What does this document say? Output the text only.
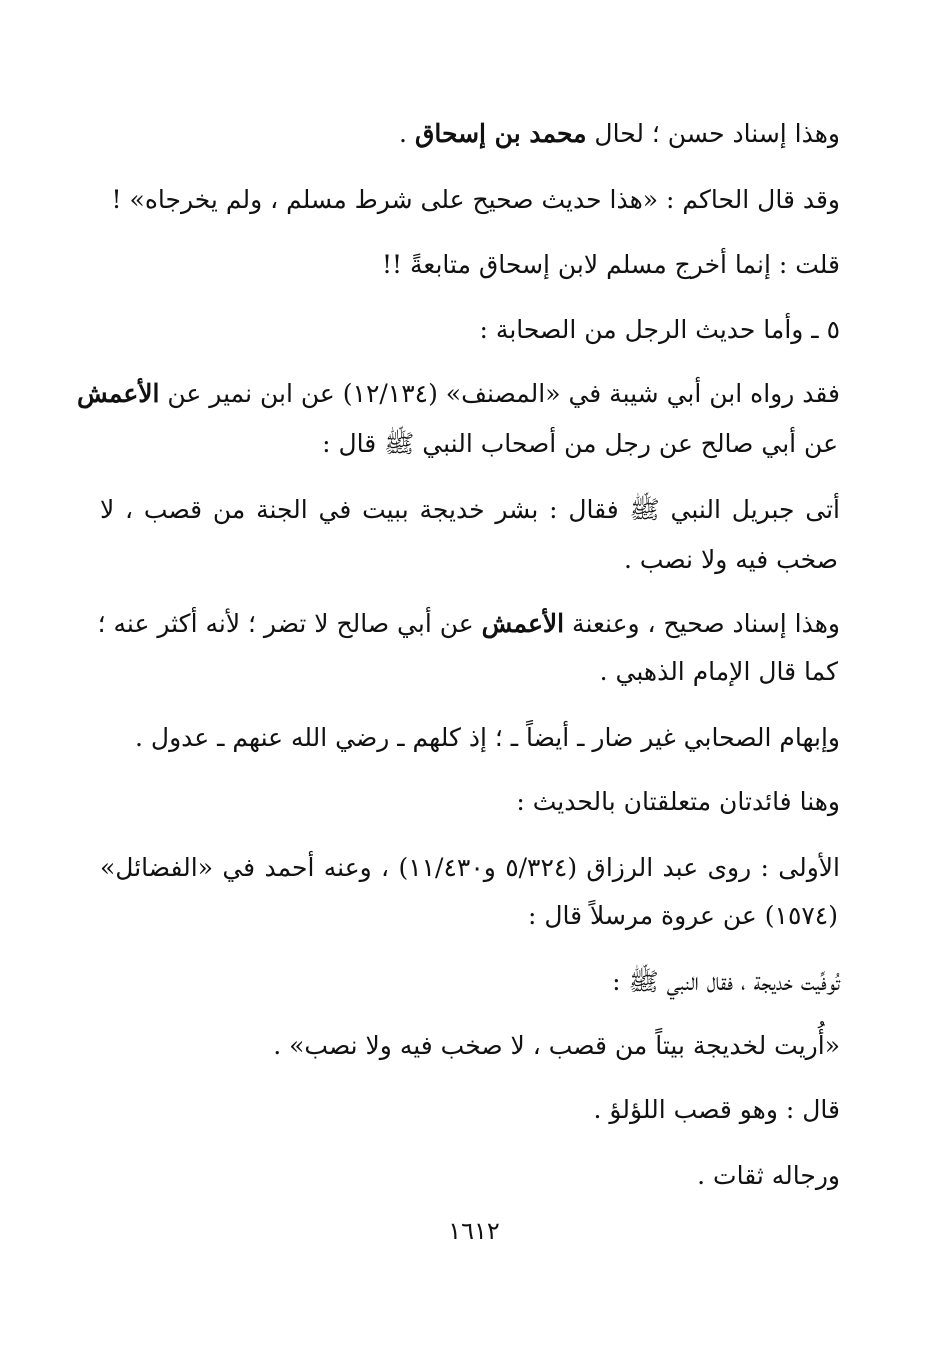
وهذا إسناد حسن ؛ لحال محمد بن إسحاق .
وقد قال الحاكم : «هذا حديث صحيح على شرط مسلم ، ولم يخرجاه» !
قلت : إنما أخرج مسلم لابن إسحاق متابعةً !!
٥ ـ وأما حديث الرجل من الصحابة :
فقد رواه ابن أبي شيبة في «المصنف» (١٢/١٣٤) عن ابن نمير عن الأعمش
عن أبي صالح عن رجل من أصحاب النبي ﷺ قال :
أتى جبريل النبي ﷺ فقال : بشر خديجة ببيت في الجنة من قصب ، لا
صخب فيه ولا نصب .
وهذا إسناد صحيح ، وعنعنة الأعمش عن أبي صالح لا تضر ؛ لأنه أكثر عنه ؛
كما قال الإمام الذهبي .
وإبهام الصحابي غير ضار ـ أيضاً ـ ؛ إذ كلهم ـ رضي الله عنهم ـ عدول .
وهنا فائدتان متعلقتان بالحديث :
الأولى : روى عبد الرزاق (٥/٣٢٤ و١١/٤٣٠) ، وعنه أحمد في «الفضائل»
(١٥٧٤) عن عروة مرسلاً قال :
تُوفِّيت خديجة ، فقال النبي ﷺ :
«أُريت لخديجة بيتاً من قصب ، لا صخب فيه ولا نصب» .
قال : وهو قصب اللؤلؤ .
ورجاله ثقات .
١٦١٢
